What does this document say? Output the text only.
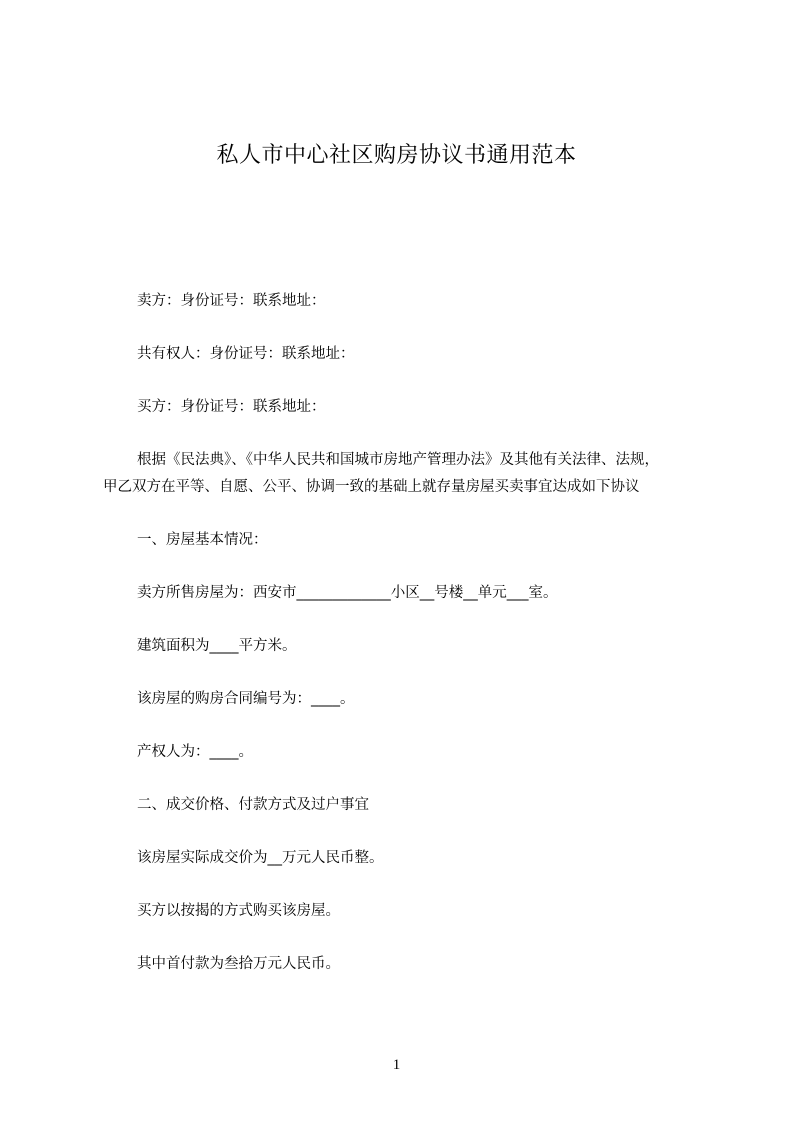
私人市中心社区购房协议书通用范本
卖方：身份证号：联系地址：
共有权人：身份证号：联系地址：
买方：身份证号：联系地址：
根据《民法典》、《中华人民共和国城市房地产管理办法》及其他有关法律、法规，
甲乙双方在平等、自愿、公平、协调一致的基础上就存量房屋买卖事宜达成如下协议
一、房屋基本情况：
卖方所售房屋为：西安市_____________小区__号楼__单元___室。
建筑面积为____平方米。
该房屋的购房合同编号为：____。
产权人为：____。
二、成交价格、付款方式及过户事宜
该房屋实际成交价为__万元人民币整。
买方以按揭的方式购买该房屋。
其中首付款为叁拾万元人民币。
1
